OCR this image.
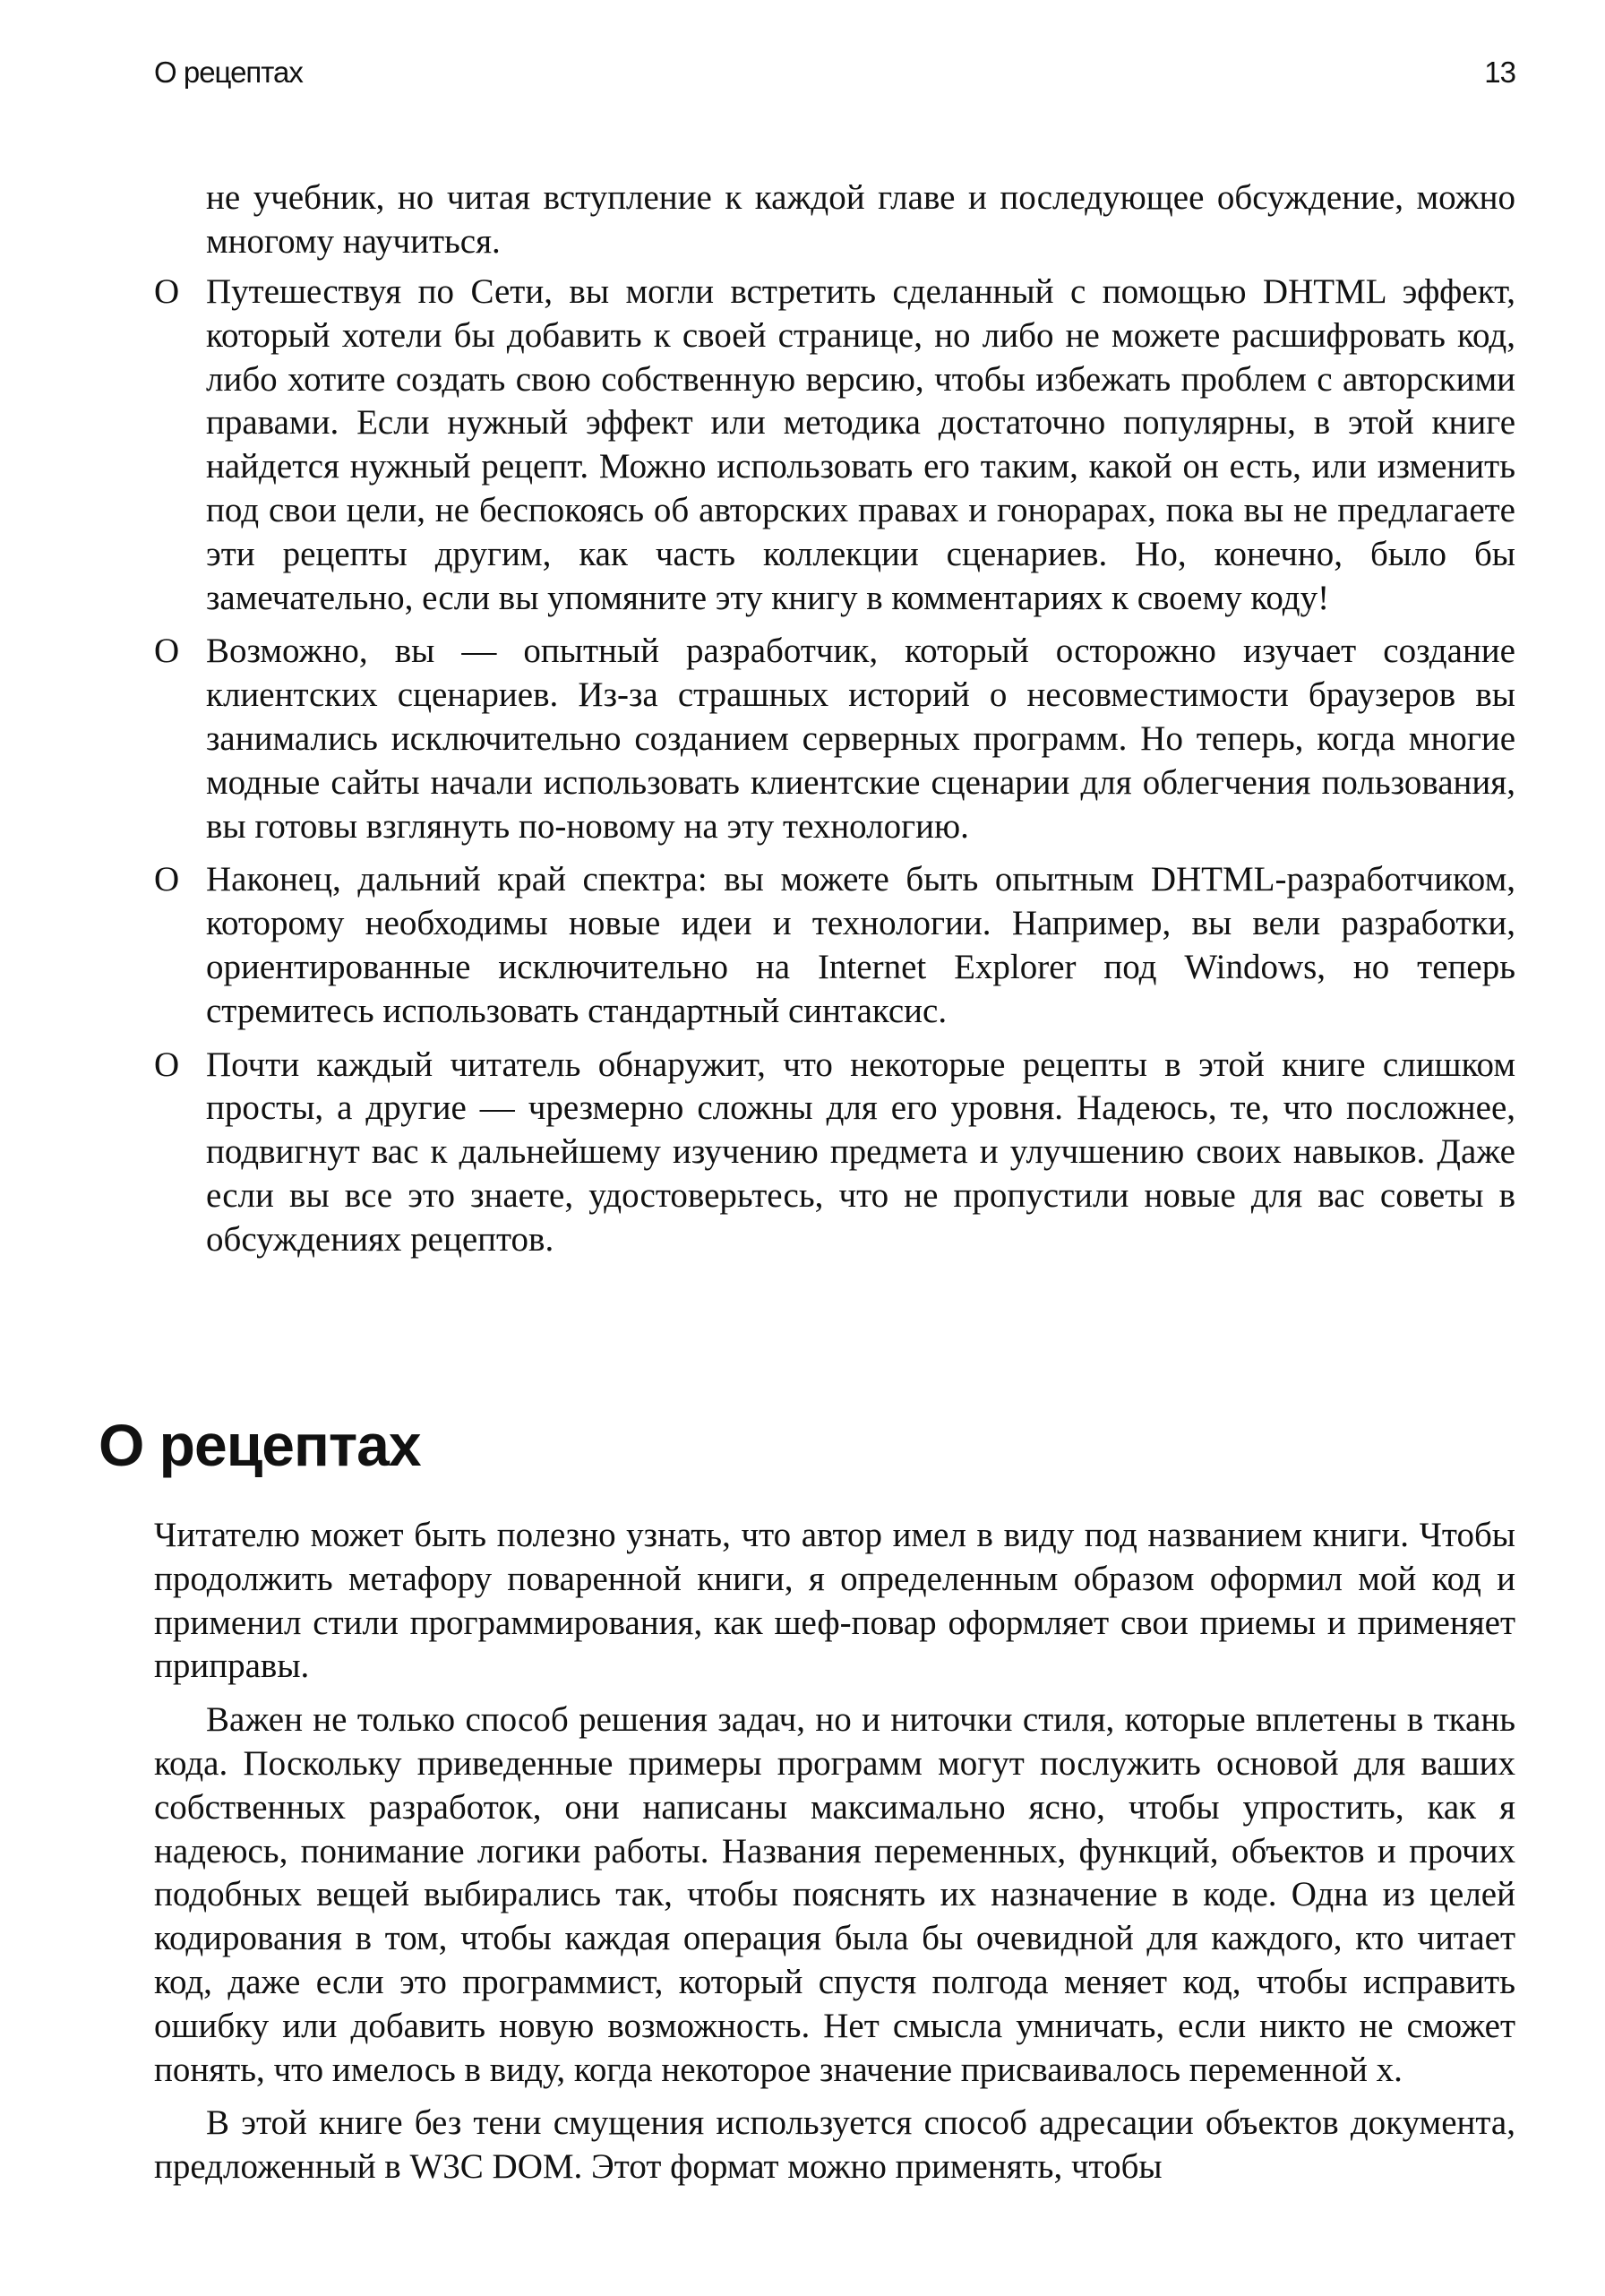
О рецептах	13

не учебник, но читая вступление к каждой главе и последующее обсуждение, можно многому научиться.

O Путешествуя по Сети, вы могли встретить сделанный с помощью DHTML эффект, который хотели бы добавить к своей странице, но либо не можете расшифровать код, либо хотите создать свою собственную версию, чтобы избежать проблем с авторскими правами. Если нужный эффект или методика достаточно популярны, в этой книге найдется нужный рецепт. Можно использовать его таким, какой он есть, или изменить под свои цели, не беспокоясь об авторских правах и гонорарах, пока вы не предлагаете эти рецепты другим, как часть коллекции сценариев. Но, конечно, было бы замечательно, если вы упомяните эту книгу в комментариях к своему коду!
O Возможно, вы — опытный разработчик, который осторожно изучает создание клиентских сценариев. Из-за страшных историй о несовместимости браузеров вы занимались исключительно созданием серверных программ. Но теперь, когда многие модные сайты начали использовать клиентские сценарии для облегчения пользования, вы готовы взглянуть по-новому на эту технологию.
O Наконец, дальний край спектра: вы можете быть опытным DHTML-разработчиком, которому необходимы новые идеи и технологии. Например, вы вели разработки, ориентированные исключительно на Internet Explorer под Windows, но теперь стремитесь использовать стандартный синтаксис.
O Почти каждый читатель обнаружит, что некоторые рецепты в этой книге слишком просты, а другие — чрезмерно сложны для его уровня. Надеюсь, те, что посложнее, подвигнут вас к дальнейшему изучению предмета и улучшению своих навыков. Даже если вы все это знаете, удостоверьтесь, что не пропустили новые для вас советы в обсуждениях рецептов.
О рецептах

Читателю может быть полезно узнать, что автор имел в виду под названием книги. Чтобы продолжить метафору поваренной книги, я определенным образом оформил мой код и применил стили программирования, как шеф-повар оформляет свои приемы и применяет приправы.

Важен не только способ решения задач, но и ниточки стиля, которые вплетены в ткань кода. Поскольку приведенные примеры программ могут послужить основой для ваших собственных разработок, они написаны максимально ясно, чтобы упростить, как я надеюсь, понимание логики работы. Названия переменных, функций, объектов и прочих подобных вещей выбирались так, чтобы пояснять их назначение в коде. Одна из целей кодирования в том, чтобы каждая операция была бы очевидной для каждого, кто читает код, даже если это программист, который спустя полгода меняет код, чтобы исправить ошибку или добавить новую возможность. Нет смысла умничать, если никто не сможет понять, что имелось в виду, когда некоторое значение присваивалось переменной x.

В этой книге без тени смущения используется способ адресации объектов документа, предложенный в W3C DOM. Этот формат можно применять, чтобы
